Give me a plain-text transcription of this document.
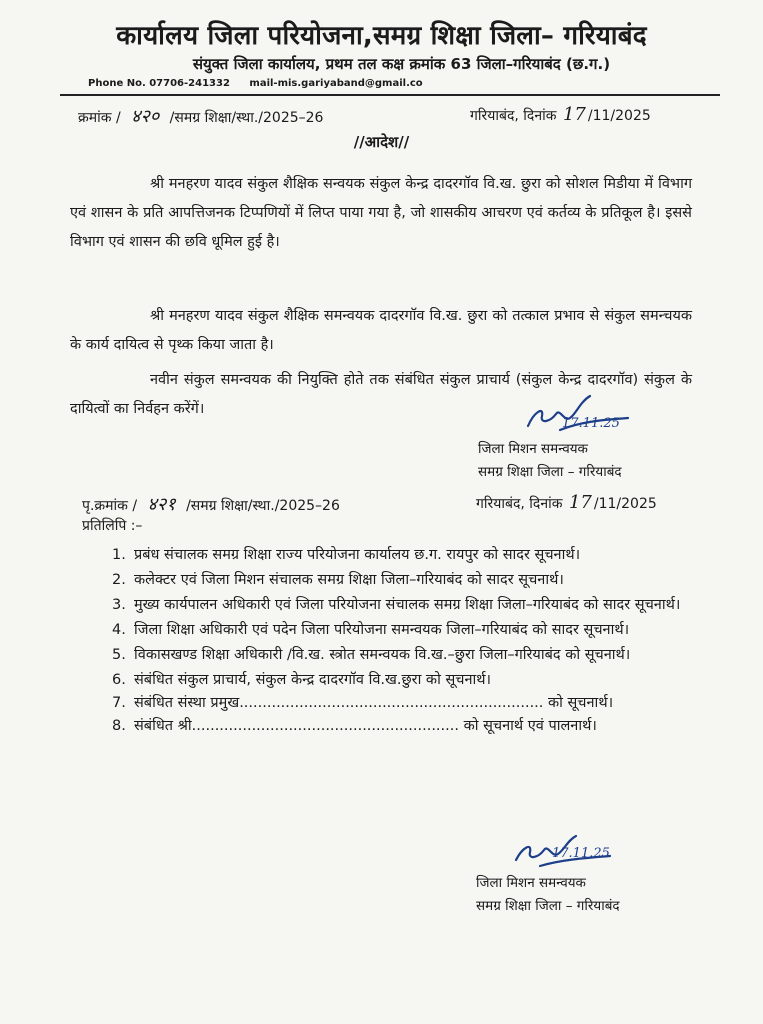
कार्यालय जिला परियोजना,समग्र शिक्षा जिला– गरियाबंद
संयुक्त जिला कार्यालय, प्रथम तल कक्ष क्रमांक 63 जिला–गरियाबंद (छ.ग.)
Phone No. 07706-241332 mail-mis.gariyaband@gmail.co
क्रमांक / ४२० /समग्र शिक्षा/स्था./2025–26	गरियाबंद, दिनांक 17 /11/2025
//आदेश//

श्री मनहरण यादव संकुल शैक्षिक सन्वयक संकुल केन्द्र दादरगॉव वि.ख. छुरा को सोशल मिडीया में विभाग एवं शासन के प्रति आपत्तिजनक टिप्पणियों में लिप्त पाया गया है, जो शासकीय आचरण एवं कर्तव्य के प्रतिकूल है। इससे विभाग एवं शासन की छवि धूमिल हुई है।

श्री मनहरण यादव संकुल शैक्षिक समन्वयक दादरगॉव वि.ख. छुरा को तत्काल प्रभाव से संकुल समन्चयक के कार्य दायित्व से पृथ्क किया जाता है।

नवीन संकुल समन्वयक की नियुक्ति होते तक संबंधित संकुल प्राचार्य (संकुल केन्द्र दादरगॉव) संकुल के दायित्वों का निर्वहन करेंगें।

17.11.25
जिला मिशन समन्वयक
समग्र शिक्षा जिला – गरियाबंद
पृ.क्रमांक / ४२१ /समग्र शिक्षा/स्था./2025–26	गरियाबंद, दिनांक 17 /11/2025
प्रतिलिपि :–
1. प्रबंध संचालक समग्र शिक्षा राज्य परियोजना कार्यालय छ.ग. रायपुर को सादर सूचनार्थ।
2. कलेक्टर एवं जिला मिशन संचालक समग्र शिक्षा जिला–गरियाबंद को सादर सूचनार्थ।
3. मुख्य कार्यपालन अधिकारी एवं जिला परियोजना संचालक समग्र शिक्षा जिला–गरियाबंद को सादर सूचनार्थ।
4. जिला शिक्षा अधिकारी एवं पदेन जिला परियोजना समन्वयक जिला–गरियाबंद को सादर सूचनार्थ।
5. विकासखण्ड शिक्षा अधिकारी /वि.ख. स्त्रोत समन्वयक वि.ख.–छुरा जिला–गरियाबंद को सूचनार्थ।
6. संबंधित संकुल प्राचार्य, संकुल केन्द्र दादरगॉव वि.ख.छुरा को सूचनार्थ।
7. संबंधित संस्था प्रमुख.................................................................. को सूचनार्थ।
8. संबंधित श्री.......................................................... को सूचनार्थ एवं पालनार्थ।
17.11.25
जिला मिशन समन्वयक
समग्र शिक्षा जिला – गरियाबंद
